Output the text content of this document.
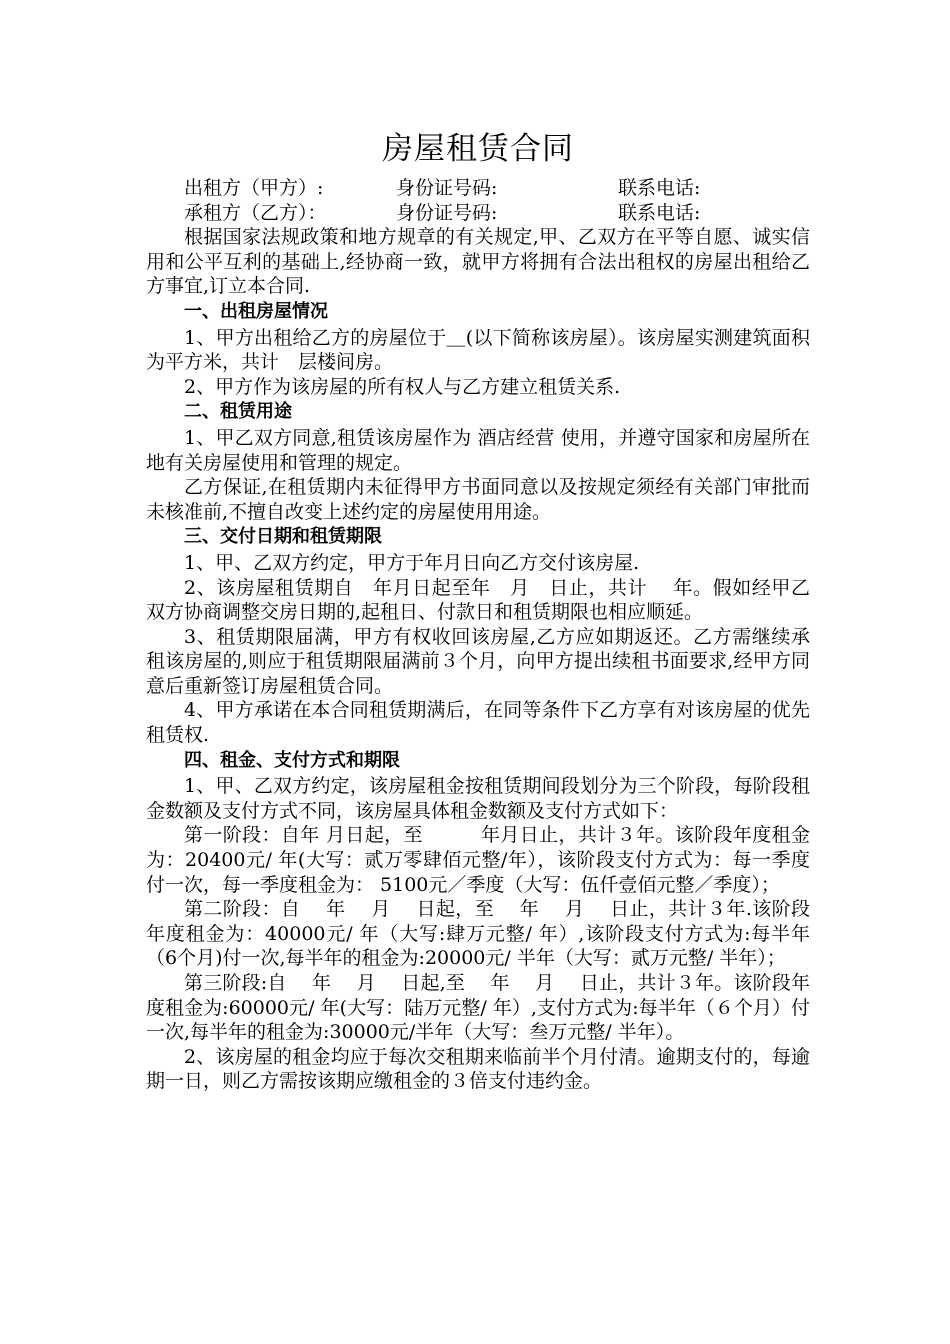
房屋租赁合同
出租方（甲方）:	身份证号码:	联系电话:
承租方（乙方）：	身份证号码:	联系电话:

根据国家法规政策和地方规章的有关规定,甲、乙双方在平等自愿、诚实信用和公平互利的基础上,经协商一致，就甲方将拥有合法出租权的房屋出租给乙方事宜,订立本合同.

一、出租房屋情况

1、甲方出租给乙方的房屋位于＿(以下简称该房屋）。该房屋实测建筑面积为平方米，共计　层楼间房。

2、甲方作为该房屋的所有权人与乙方建立租赁关系.

二、租赁用途

1、甲乙双方同意,租赁该房屋作为 酒店经营 使用，并遵守国家和房屋所在地有关房屋使用和管理的规定。

乙方保证,在租赁期内未征得甲方书面同意以及按规定须经有关部门审批而未核准前,不擅自改变上述约定的房屋使用用途。

三、交付日期和租赁期限

1、甲、乙双方约定，甲方于年月日向乙方交付该房屋.

2、该房屋租赁期自　年月日起至年　月　日止，共计　 年。假如经甲乙双方协商调整交房日期的,起租日、付款日和租赁期限也相应顺延。

3、租赁期限届满，甲方有权收回该房屋,乙方应如期返还。乙方需继续承租该房屋的,则应于租赁期限届满前３个月，向甲方提出续租书面要求,经甲方同意后重新签订房屋租赁合同。

4、甲方承诺在本合同租赁期满后，在同等条件下乙方享有对该房屋的优先租赁权.

四、租金、支付方式和期限

1、甲、乙双方约定，该房屋租金按租赁期间段划分为三个阶段，每阶段租金数额及支付方式不同，该房屋具体租金数额及支付方式如下：

第一阶段：自年 月日起，至　　　年月日止，共计３年。该阶段年度租金为：20400元/ 年(大写：贰万零肆佰元整/年），该阶段支付方式为：每一季度付一次，每一季度租金为： 5100元／季度（大写：伍仟壹佰元整／季度）；

第二阶段：自　 年　 月　 日起，至　 年　 月　 日止，共计３年.该阶段年度租金为：40000元/ 年（大写:肆万元整/ 年）,该阶段支付方式为:每半年（6个月)付一次,每半年的租金为:20000元/ 半年（大写：贰万元整/ 半年）；

第三阶段:自　 年　 月　 日起,至　 年　 月　 日止，共计３年。该阶段年度租金为:60000元/ 年(大写：陆万元整/ 年）,支付方式为:每半年（６个月）付一次,每半年的租金为:30000元/半年（大写：叁万元整/ 半年）。

2、该房屋的租金均应于每次交租期来临前半个月付清。逾期支付的，每逾期一日，则乙方需按该期应缴租金的３倍支付违约金。
